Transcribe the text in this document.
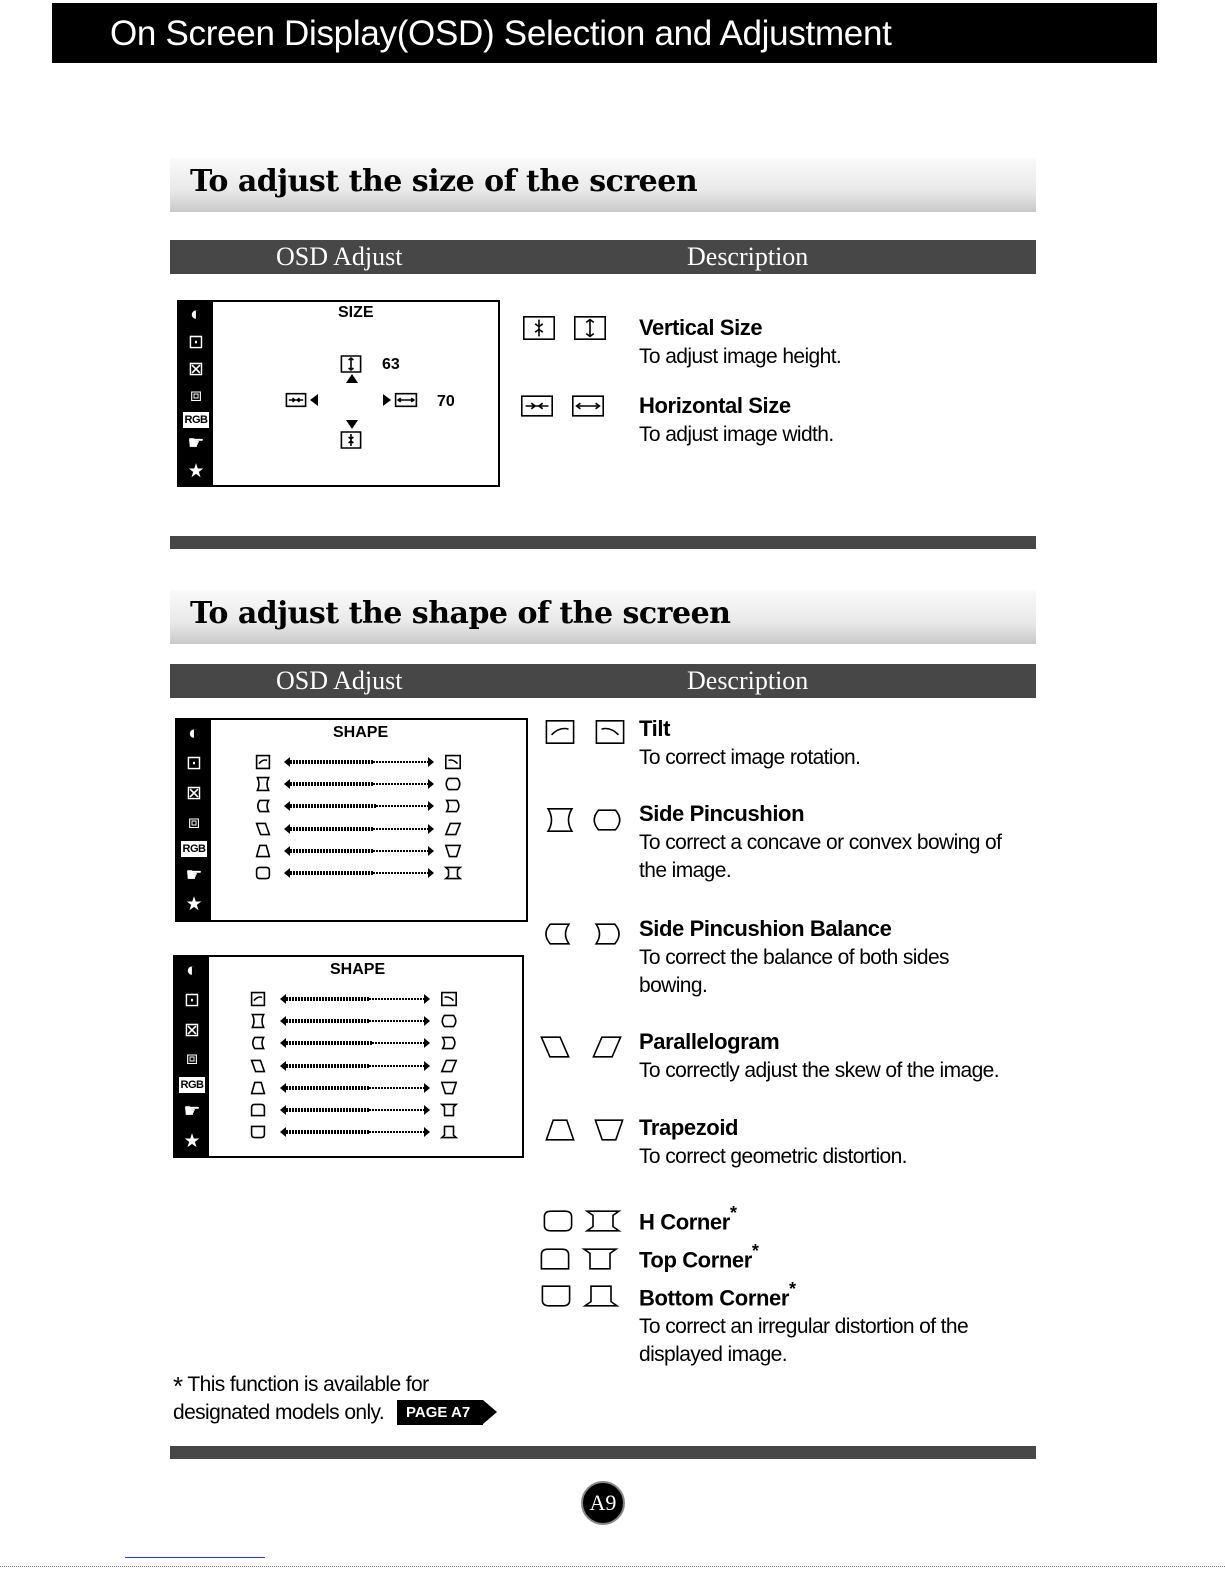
On Screen Display(OSD) Selection and Adjustment
To adjust the size of the screen
OSD Adjust	Description
◐
⊡
⊠
⧈
RGB
☛
★
SIZE
63
70
Vertical Size
To adjust image height.
Horizontal Size
To adjust image width.
To adjust the shape of the screen
OSD Adjust	Description
◐
⊡
⊠
⧈
RGB
☛
★
SHAPE
◐
⊡
⊠
⧈
RGB
☛
★
SHAPE
Tilt
To correct image rotation.
Side Pincushion
To correct a concave or convex bowing of
the image.
Side Pincushion Balance
To correct the balance of both sides
bowing.
Parallelogram
To correctly adjust the skew of the image.
Trapezoid
To correct geometric distortion.
H Corner*
Top Corner*
Bottom Corner*
To correct an irregular distortion of the
displayed image.
* This function is available for
designated models only.	PAGE A7
A9
